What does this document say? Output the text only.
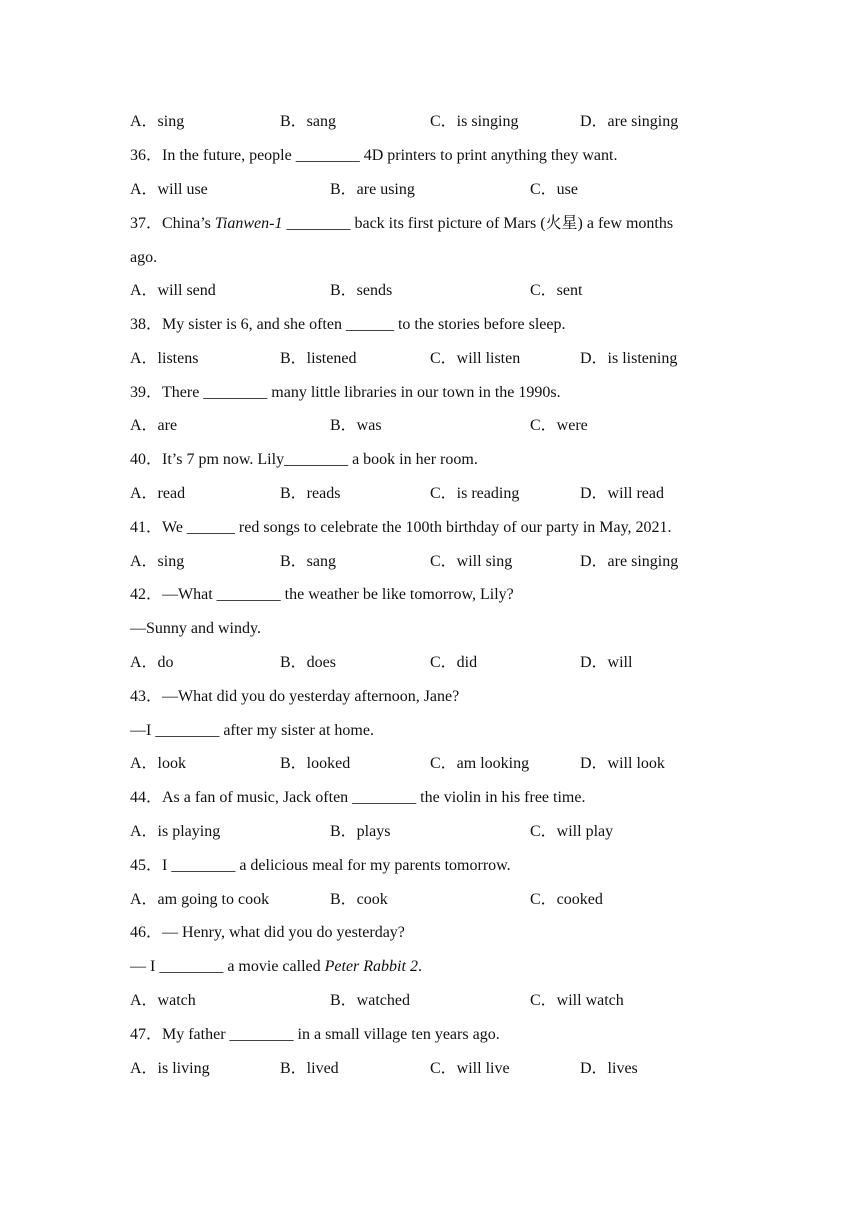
A．sing	B．sang	C．is singing	D．are singing
36．In the future, people ________ 4D printers to print anything they want.
A．will use	B．are using	C．use
37．China’s Tianwen-1 ________ back its first picture of Mars (火星) a few months
ago.
A．will send	B．sends	C．sent
38．My sister is 6, and she often ______ to the stories before sleep.
A．listens	B．listened	C．will listen	D．is listening
39．There ________ many little libraries in our town in the 1990s.
A．are	B．was	C．were
40．It’s 7 pm now. Lily________ a book in her room.
A．read	B．reads	C．is reading	D．will read
41．We ______ red songs to celebrate the 100th birthday of our party in May, 2021.
A．sing	B．sang	C．will sing	D．are singing
42．—What ________ the weather be like tomorrow, Lily?
—Sunny and windy.
A．do	B．does	C．did	D．will
43．—What did you do yesterday afternoon, Jane?
—I ________ after my sister at home.
A．look	B．looked	C．am looking	D．will look
44．As a fan of music, Jack often ________ the violin in his free time.
A．is playing	B．plays	C．will play
45．I ________ a delicious meal for my parents tomorrow.
A．am going to cook	B．cook	C．cooked
46．— Henry, what did you do yesterday?
— I ________ a movie called Peter Rabbit 2.
A．watch	B．watched	C．will watch
47．My father ________ in a small village ten years ago.
A．is living	B．lived	C．will live	D．lives
